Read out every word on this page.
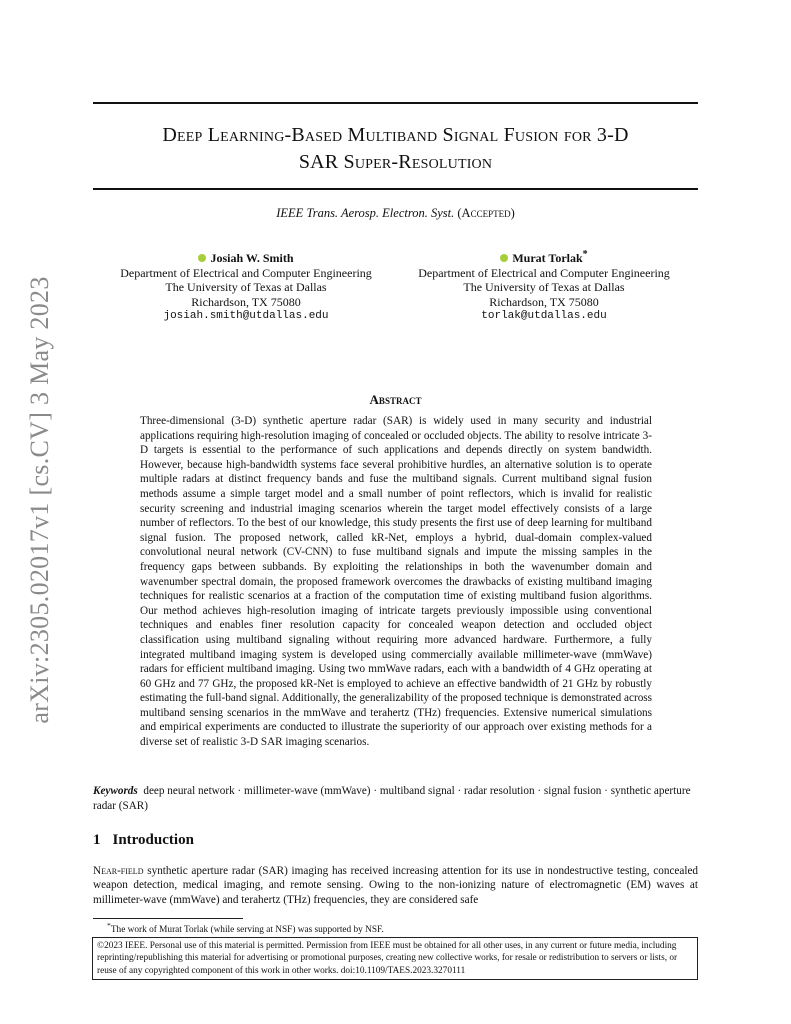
arXiv:2305.02017v1 [cs.CV] 3 May 2023
Deep Learning-Based Multiband Signal Fusion for 3-D
SAR Super-Resolution
IEEE Trans. Aerosp. Electron. Syst. (Accepted)
Josiah W. Smith
Department of Electrical and Computer Engineering
The University of Texas at Dallas
Richardson, TX 75080
josiah.smith@utdallas.edu
Murat Torlak*
Department of Electrical and Computer Engineering
The University of Texas at Dallas
Richardson, TX 75080
torlak@utdallas.edu
Abstract

Three-dimensional (3-D) synthetic aperture radar (SAR) is widely used in many security and industrial applications requiring high-resolution imaging of concealed or occluded objects. The ability to resolve intricate 3-D targets is essential to the performance of such applications and depends directly on system bandwidth. However, because high-bandwidth systems face several prohibitive hurdles, an alternative solution is to operate multiple radars at distinct frequency bands and fuse the multiband signals. Current multiband signal fusion methods assume a simple target model and a small number of point reflectors, which is invalid for realistic security screening and industrial imaging scenarios wherein the target model effectively consists of a large number of reflectors. To the best of our knowledge, this study presents the first use of deep learning for multiband signal fusion. The proposed network, called kR-Net, employs a hybrid, dual-domain complex-valued convolutional neural network (CV-CNN) to fuse multiband signals and impute the missing samples in the frequency gaps between subbands. By exploiting the relationships in both the wavenumber domain and wavenumber spectral domain, the proposed framework overcomes the drawbacks of existing multiband imaging techniques for realistic scenarios at a fraction of the computation time of existing multiband fusion algorithms. Our method achieves high-resolution imaging of intricate targets previously impossible using conventional techniques and enables finer resolution capacity for concealed weapon detection and occluded object classification using multiband signaling without requiring more advanced hardware. Furthermore, a fully integrated multiband imaging system is developed using commercially available millimeter-wave (mmWave) radars for efficient multiband imaging. Using two mmWave radars, each with a bandwidth of 4 GHz operating at 60 GHz and 77 GHz, the proposed kR-Net is employed to achieve an effective bandwidth of 21 GHz by robustly estimating the full-band signal. Additionally, the generalizability of the proposed technique is demonstrated across multiband sensing scenarios in the mmWave and terahertz (THz) frequencies. Extensive numerical simulations and empirical experiments are conducted to illustrate the superiority of our approach over existing methods for a diverse set of realistic 3-D SAR imaging scenarios.

Keywords deep neural network · millimeter-wave (mmWave) · multiband signal · radar resolution · signal fusion · synthetic aperture radar (SAR)

1 Introduction

Near-field synthetic aperture radar (SAR) imaging has received increasing attention for its use in nondestructive testing, concealed weapon detection, medical imaging, and remote sensing. Owing to the non-ionizing nature of electromagnetic (EM) waves at millimeter-wave (mmWave) and terahertz (THz) frequencies, they are considered safe

*The work of Murat Torlak (while serving at NSF) was supported by NSF.

©2023 IEEE. Personal use of this material is permitted. Permission from IEEE must be obtained for all other uses, in any current or future media, including reprinting/republishing this material for advertising or promotional purposes, creating new collective works, for resale or redistribution to servers or lists, or reuse of any copyrighted component of this work in other works. doi:10.1109/TAES.2023.3270111
